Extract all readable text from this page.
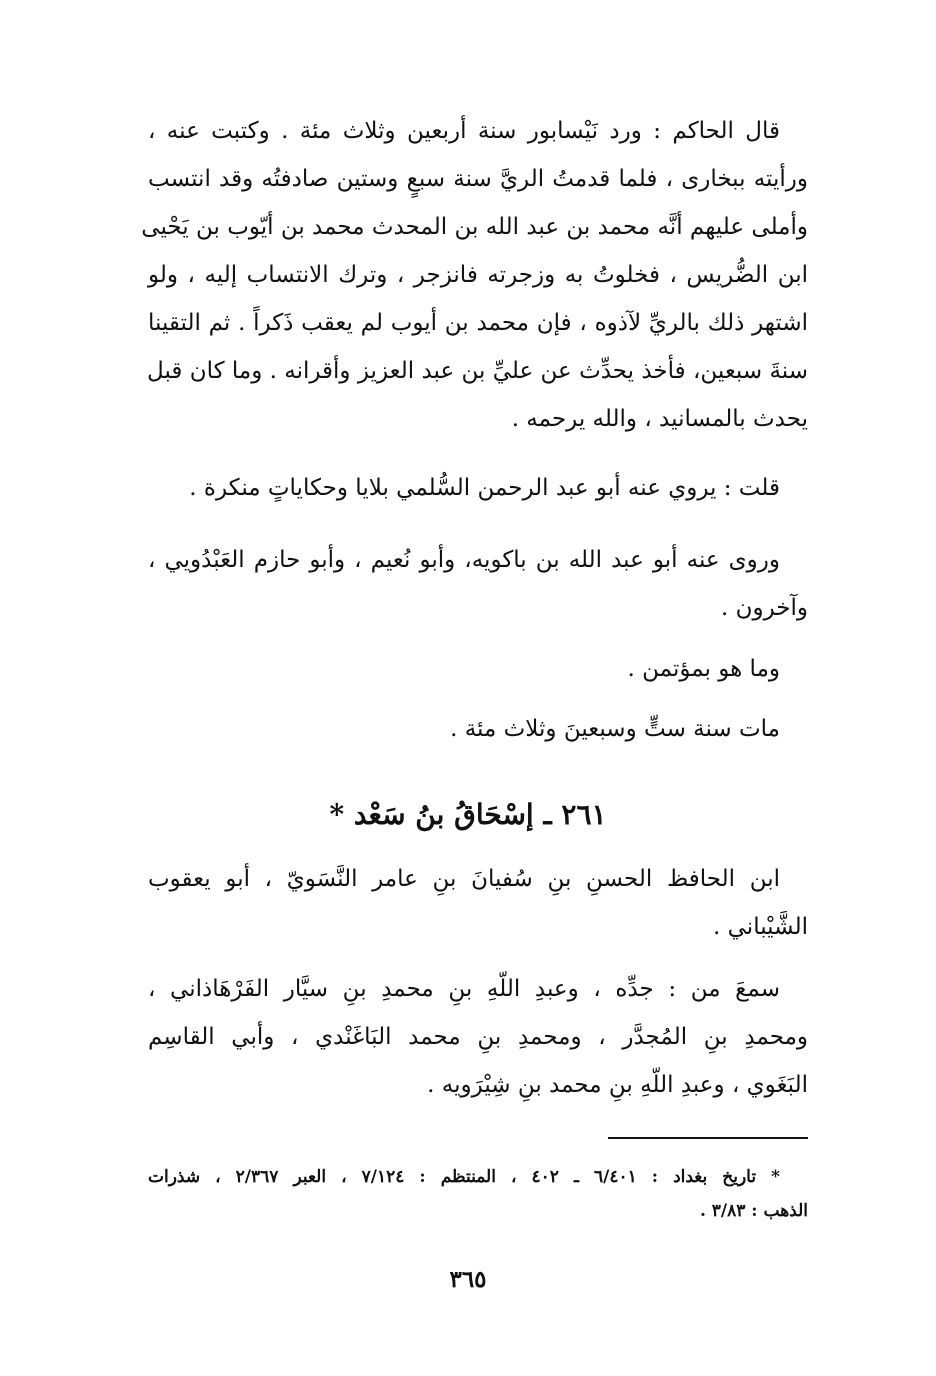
قال الحاكم : ورد نَيْسابور سنة أربعين وثلاث مئة . وكتبت عنه ،
ورأيته ببخارى ، فلما قدمتُ الريَّ سنة سبعٍ وستين صادفتُه وقد انتسب
وأملى عليهم أنَّه محمد بن عبد الله بن المحدث محمد بن أيّوب بن يَحْيى
ابن الضُّريس ، فخلوتُ به وزجرته فانزجر ، وترك الانتساب إليه ، ولو
اشتهر ذلك بالريِّ لآذوه ، فإن محمد بن أيوب لم يعقب ذَكراً . ثم التقينا
سنةَ سبعين، فأخذ يحدِّث عن عليِّ بن عبد العزيز وأقرانه . وما كان قبل
يحدث بالمسانيد ، والله يرحمه .
قلت : يروي عنه أبو عبد الرحمن السُّلمي بلايا وحكاياتٍ منكرة .
وروى عنه أبو عبد الله بن باكويه، وأبو نُعيم ، وأبو حازم العَبْدُويي ،
وآخرون .
وما هو بمؤتمن .
مات سنة ستٍّ وسبعينَ وثلاث مئة .
٢٦١ ـ إسْحَاقُ بنُ سَعْد *
ابن الحافظ الحسنِ بنِ سُفيانَ بنِ عامر النَّسَويّ ، أبو يعقوب
الشَّيْباني .
سمعَ من : جدِّه ، وعبدِ اللّهِ بنِ محمدِ بنِ سيَّار الفَرْهَاذاني ،
ومحمدِ بنِ المُجدَّر ، ومحمدِ بنِ محمد البَاغَنْدي ، وأبي القاسِم
البَغَوي ، وعبدِ اللّهِ بنِ محمد بنِ شِيْرَويه .
* تاريخ بغداد : ٦/٤٠١ ـ ٤٠٢ ، المنتظم : ٧/١٢٤ ، العبر ٢/٣٦٧ ، شذرات
الذهب : ٣/٨٣ .
٣٦٥
